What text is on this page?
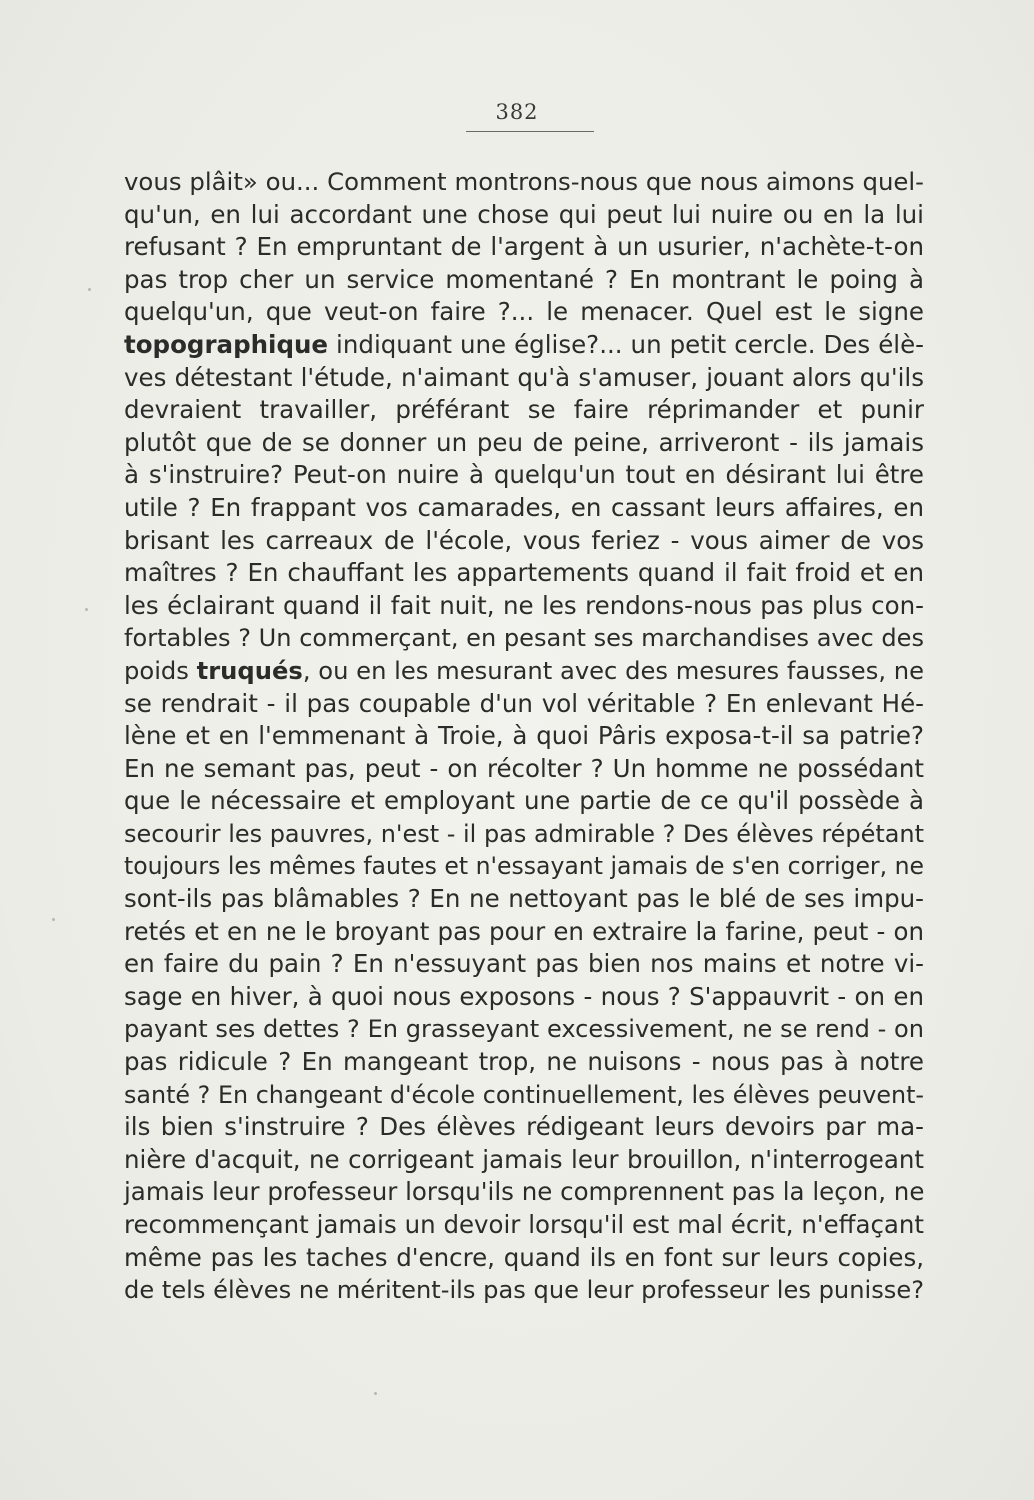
382
vous plâit» ou... Comment montrons-nous que nous aimons quel-
qu'un, en lui accordant une chose qui peut lui nuire ou en la lui
refusant ? En empruntant de l'argent à un usurier, n'achète-t-on
pas trop cher un service momentané ? En montrant le poing à
quelqu'un, que veut-on faire ?... le menacer. Quel est le signe
topographique indiquant une église?... un petit cercle. Des élè-
ves détestant l'étude, n'aimant qu'à s'amuser, jouant alors qu'ils
devraient travailler, préférant se faire réprimander et punir
plutôt que de se donner un peu de peine, arriveront - ils jamais
à s'instruire? Peut-on nuire à quelqu'un tout en désirant lui être
utile ? En frappant vos camarades, en cassant leurs affaires, en
brisant les carreaux de l'école, vous feriez - vous aimer de vos
maîtres ? En chauffant les appartements quand il fait froid et en
les éclairant quand il fait nuit, ne les rendons-nous pas plus con-
fortables ? Un commerçant, en pesant ses marchandises avec des
poids truqués, ou en les mesurant avec des mesures fausses, ne
se rendrait - il pas coupable d'un vol véritable ? En enlevant Hé-
lène et en l'emmenant à Troie, à quoi Pâris exposa-t-il sa patrie?
En ne semant pas, peut - on récolter ? Un homme ne possédant
que le nécessaire et employant une partie de ce qu'il possède à
secourir les pauvres, n'est - il pas admirable ? Des élèves répétant
toujours les mêmes fautes et n'essayant jamais de s'en corriger, ne
sont-ils pas blâmables ? En ne nettoyant pas le blé de ses impu-
retés et en ne le broyant pas pour en extraire la farine, peut - on
en faire du pain ? En n'essuyant pas bien nos mains et notre vi-
sage en hiver, à quoi nous exposons - nous ? S'appauvrit - on en
payant ses dettes ? En grasseyant excessivement, ne se rend - on
pas ridicule ? En mangeant trop, ne nuisons - nous pas à notre
santé ? En changeant d'école continuellement, les élèves peuvent-
ils bien s'instruire ? Des élèves rédigeant leurs devoirs par ma-
nière d'acquit, ne corrigeant jamais leur brouillon, n'interrogeant
jamais leur professeur lorsqu'ils ne comprennent pas la leçon, ne
recommençant jamais un devoir lorsqu'il est mal écrit, n'effaçant
même pas les taches d'encre, quand ils en font sur leurs copies,
de tels élèves ne méritent-ils pas que leur professeur les punisse?
